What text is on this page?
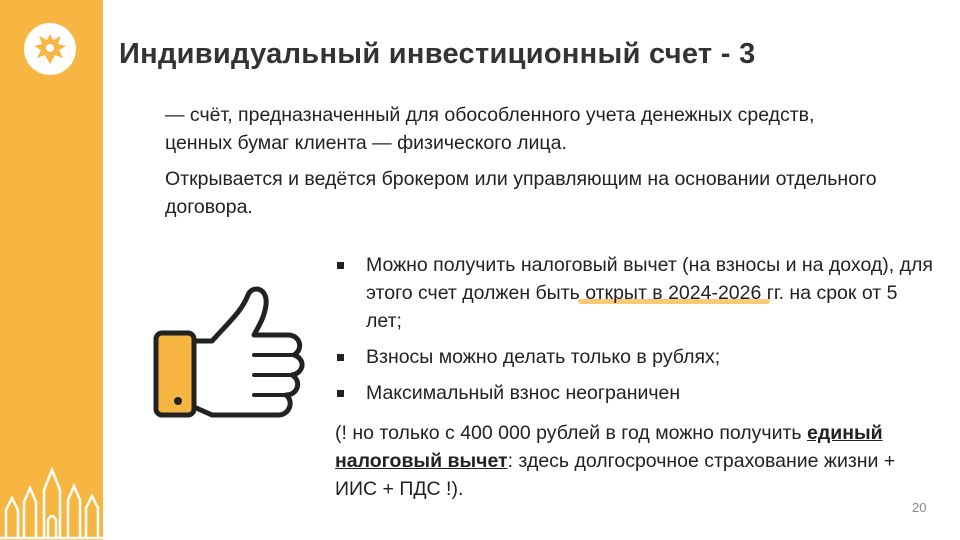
Индивидуальный инвестиционный счет - 3
— счёт, предназначенный для обособленного учета денежных средств, ценных бумаг клиента — физического лица.
Открывается и ведётся брокером или управляющим на основании отдельного договора.
Можно получить налоговый вычет (на взносы и на доход), для этого счет должен быть открыт в 2024-2026 гг. на срок от 5 лет;
Взносы можно делать только в рублях;
Максимальный взнос неограничен
(! но только с 400 000 рублей в год можно получить единый налоговый вычет: здесь долгосрочное страхование жизни + ИИС + ПДС !).
20
